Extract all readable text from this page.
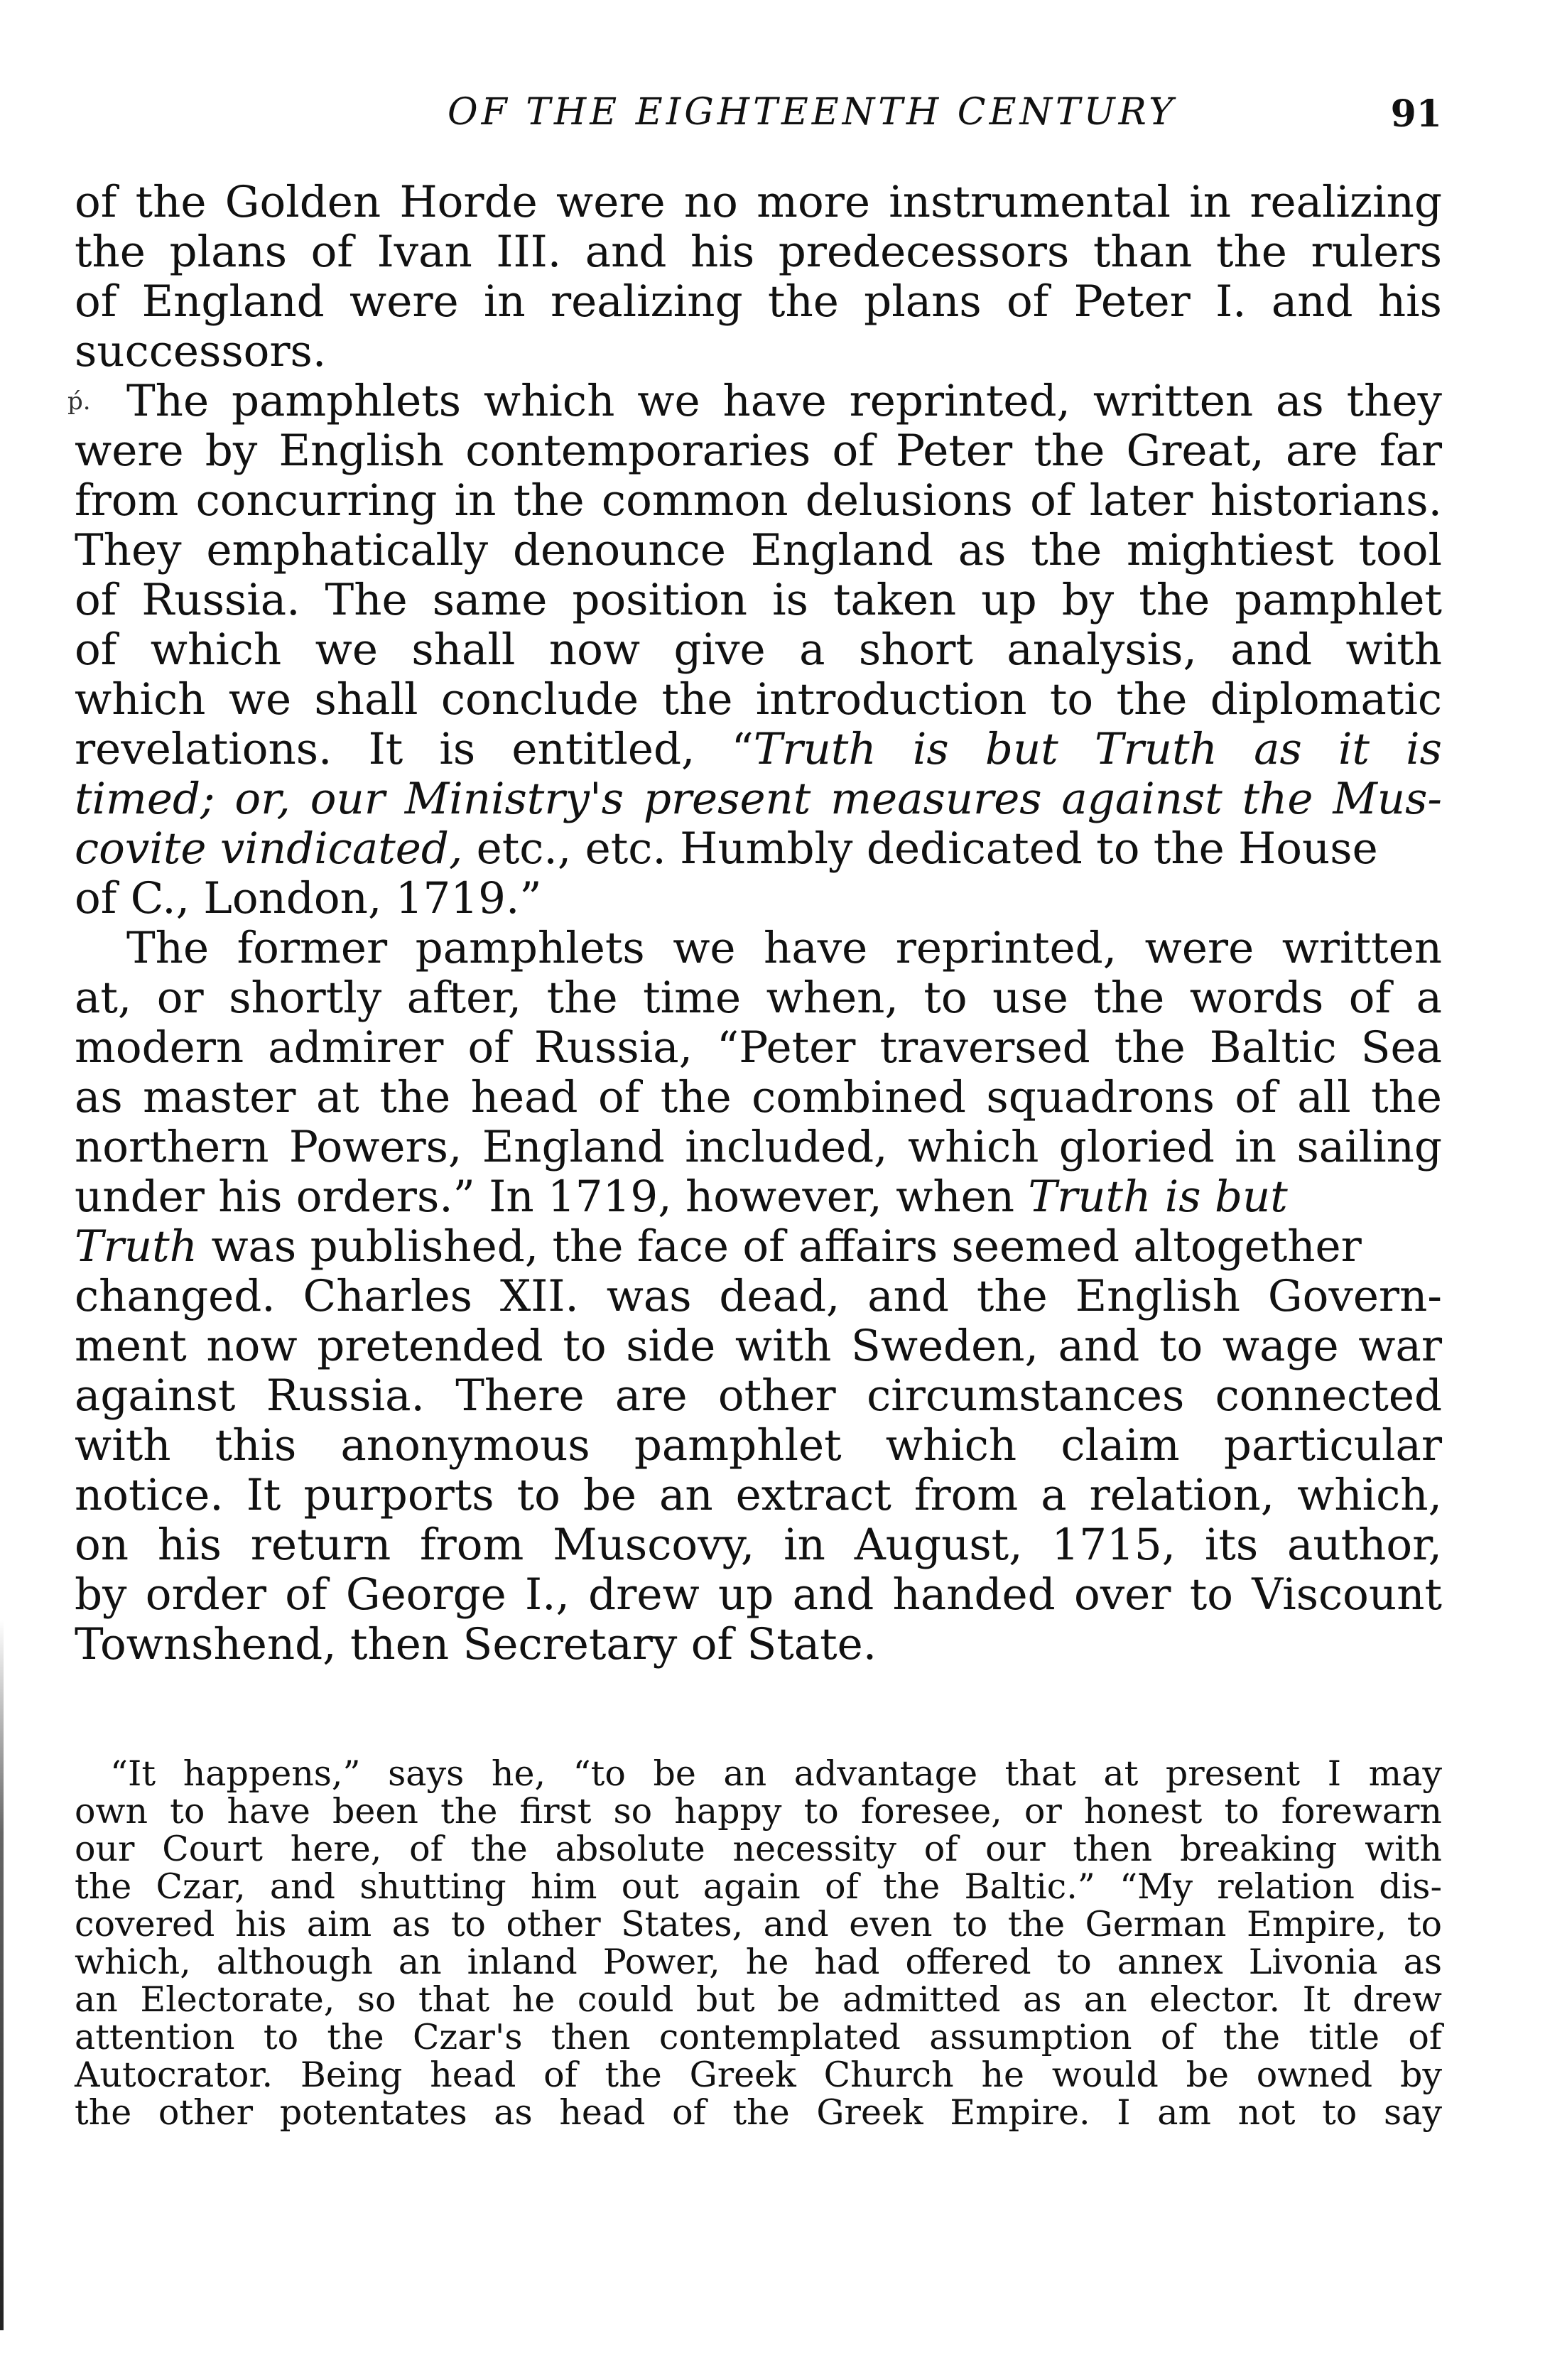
OF THE EIGHTEENTH CENTURY	91
of the Golden Horde were no more instrumental in realizing
the plans of Ivan III. and his predecessors than the rulers
of England were in realizing the plans of Peter I. and his
successors.
ṕ. The pamphlets which we have reprinted, written as they
were by English contemporaries of Peter the Great, are far
from concurring in the common delusions of later historians.
They emphatically denounce England as the mightiest tool
of Russia. The same position is taken up by the pamphlet
of which we shall now give a short analysis, and with
which we shall conclude the introduction to the diplomatic
revelations. It is entitled, “Truth is but Truth as it is
timed; or, our Ministry's present measures against the Mus-
covite vindicated, etc., etc. Humbly dedicated to the House
of C., London, 1719.”
The former pamphlets we have reprinted, were written
at, or shortly after, the time when, to use the words of a
modern admirer of Russia, “Peter traversed the Baltic Sea
as master at the head of the combined squadrons of all the
northern Powers, England included, which gloried in sailing
under his orders.” In 1719, however, when Truth is but
Truth was published, the face of affairs seemed altogether
changed. Charles XII. was dead, and the English Govern-
ment now pretended to side with Sweden, and to wage war
against Russia. There are other circumstances connected
with this anonymous pamphlet which claim particular
notice. It purports to be an extract from a relation, which,
on his return from Muscovy, in August, 1715, its author,
by order of George I., drew up and handed over to Viscount
Townshend, then Secretary of State.
“It happens,” says he, “to be an advantage that at present I may
own to have been the first so happy to foresee, or honest to forewarn
our Court here, of the absolute necessity of our then breaking with
the Czar, and shutting him out again of the Baltic.” “My relation dis-
covered his aim as to other States, and even to the German Empire, to
which, although an inland Power, he had offered to annex Livonia as
an Electorate, so that he could but be admitted as an elector. It drew
attention to the Czar's then contemplated assumption of the title of
Autocrator. Being head of the Greek Church he would be owned by
the other potentates as head of the Greek Empire. I am not to say
